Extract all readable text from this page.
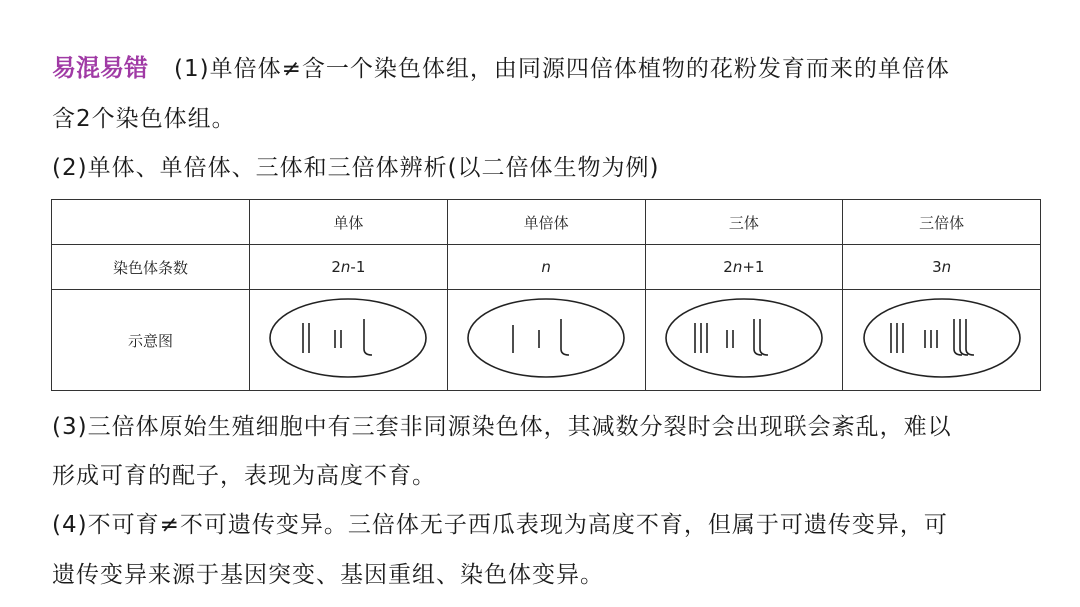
易混易错 (1)单倍体≠含一个染色体组，由同源四倍体植物的花粉发育而来的单倍体
含2个染色体组。
(2)单体、单倍体、三体和三倍体辨析(以二倍体生物为例)
	单体	单倍体	三体	三倍体
染色体条数	2n-1	n	2n+1	3n
示意图				
(3)三倍体原始生殖细胞中有三套非同源染色体，其减数分裂时会出现联会紊乱，难以
形成可育的配子，表现为高度不育。
(4)不可育≠不可遗传变异。三倍体无子西瓜表现为高度不育，但属于可遗传变异，可
遗传变异来源于基因突变、基因重组、染色体变异。
